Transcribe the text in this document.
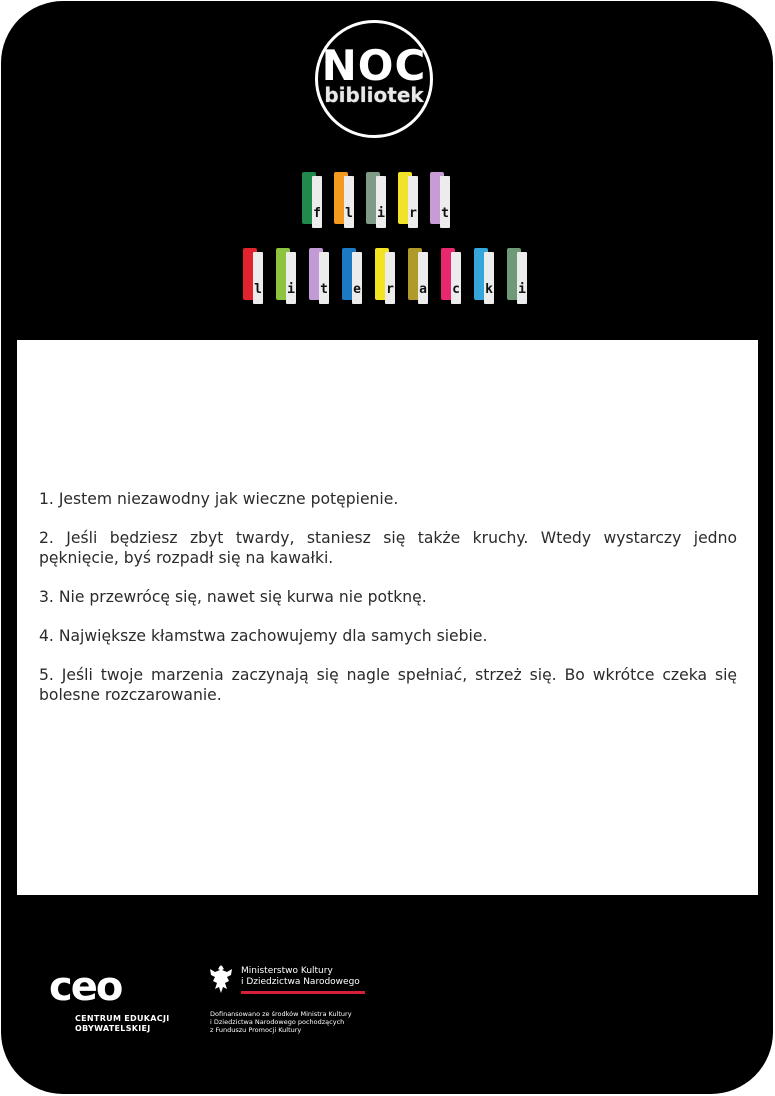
NOC
bibliotek
f l i r t
l i t e r a c k i
1. Jestem niezawodny jak wieczne potępienie.
2. Jeśli będziesz zbyt twardy, staniesz się także kruchy. Wtedy wystarczy jedno pęknięcie, byś rozpadł się na kawałki.
3. Nie przewrócę się, nawet się kurwa nie potknę.
4. Największe kłamstwa zachowujemy dla samych siebie.
5. Jeśli twoje marzenia zaczynają się nagle spełniać, strzeż się. Bo wkrótce czeka się bolesne rozczarowanie.
ceo
CENTRUM EDUKACJI
OBYWATELSKIEJ
Ministerstwo Kultury
i Dziedzictwa Narodowego
Dofinansowano ze środków Ministra Kultury
i Dziedzictwa Narodowego pochodzących
z Funduszu Promocji Kultury
